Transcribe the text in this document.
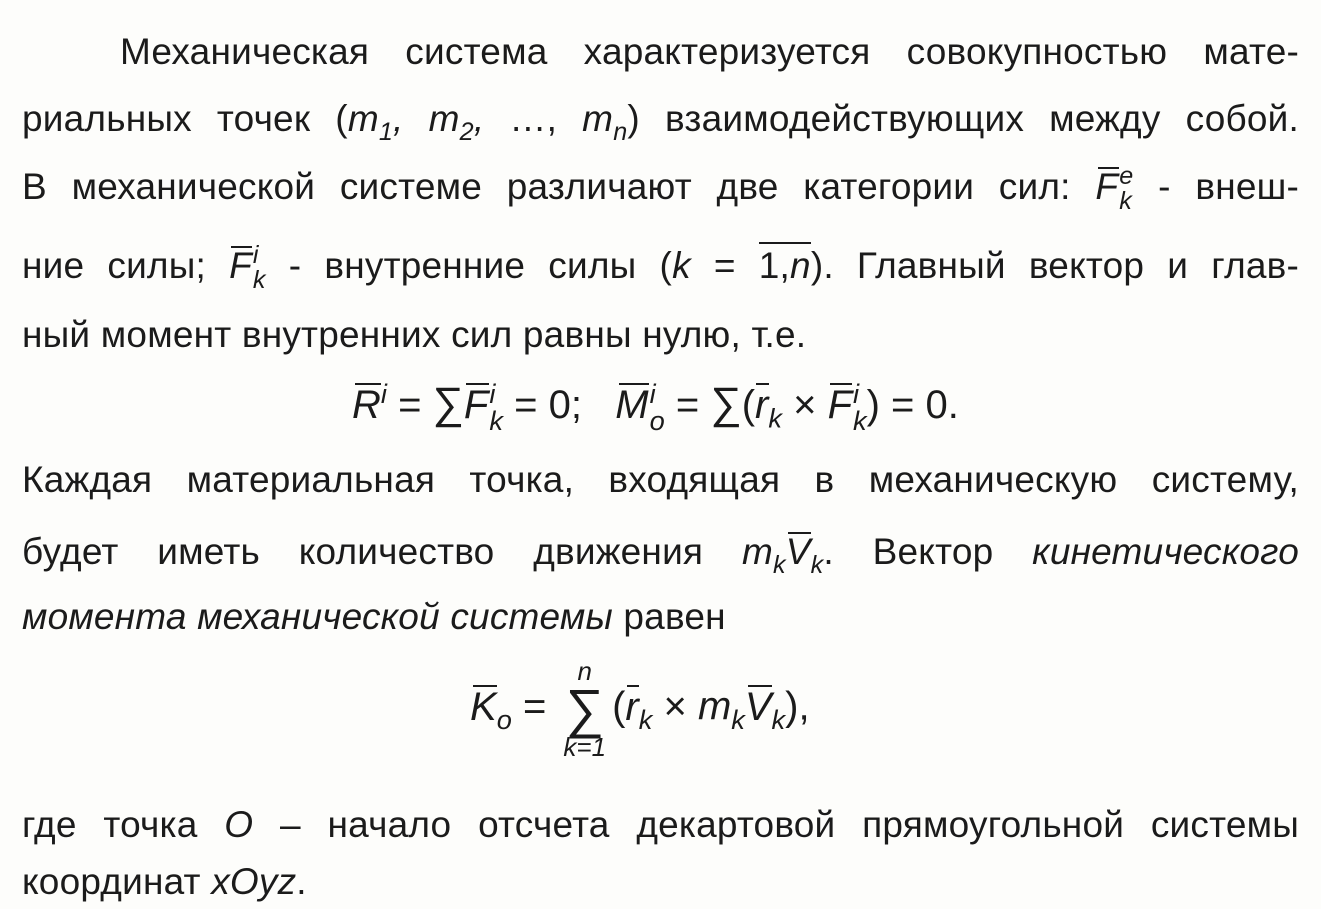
Механическая система характеризуется совокупностью мате-
риальных точек ($m_1$, $m_2$, …, $m_n$) взаимодействующих между собой.
В механической системе различают две категории сил: F e
k - внеш-
ние силы; F i
k - внутренние силы (k = 1,n). Главный вектор и глав-
ный момент внутренних сил равны нулю, т.е.
$R^i = \sum F$ i
k = 0;   M i
$o = \sum(r_k \times F$ i
k ) = 0.
Каждая материальная точка, входящая в механическую систему,
будет иметь количество движения $m_kV_k$. Вектор кинетического
момента механической системы равен
$K_o$ =
n
∑
k=1
$(r_k \times m_kV_k)$,
где точка O – начало отсчета декартовой прямоугольной системы
координат xOyz.
